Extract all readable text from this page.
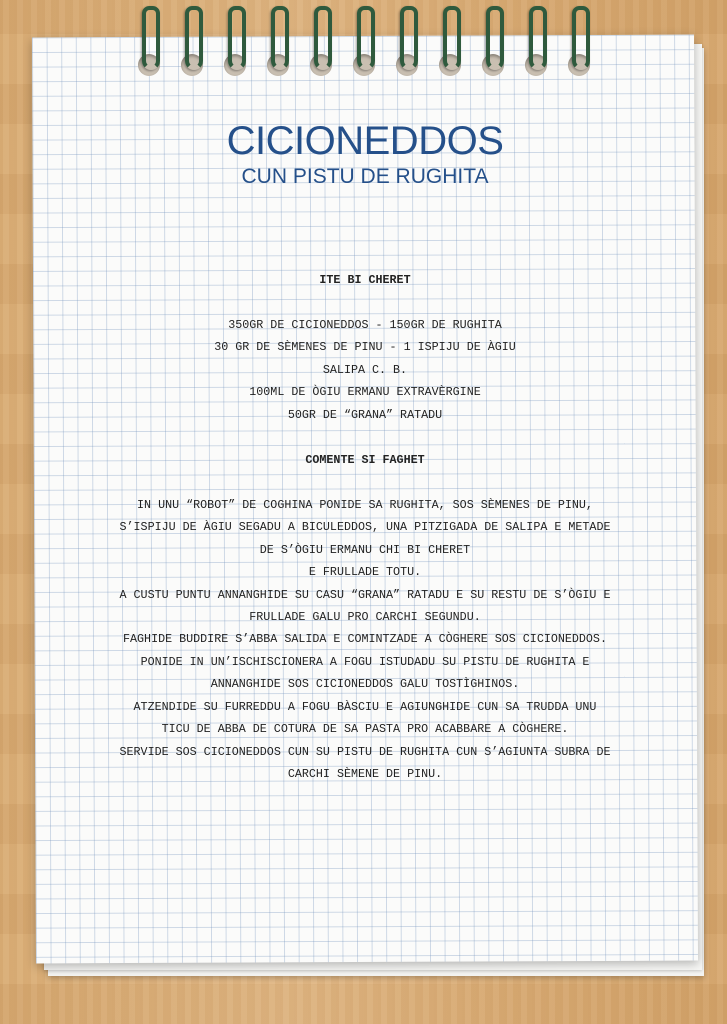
CICIONEDDOS
CUN PISTU DE RUGHITA
ITE BI CHERET
350GR DE CICIONEDDOS - 150GR DE RUGHITA
30 GR DE SÈMENES DE PINU - 1 ISPIJU DE ÀGIU
SALIPA C. B.
100ML DE ÒGIU ERMANU EXTRAVÈRGINE
50GR DE “GRANA” RATADU
COMENTE SI FAGHET
IN UNU “ROBOT” DE COGHINA PONIDE SA RUGHITA, SOS SÈMENES DE PINU,
S’ISPIJU DE ÀGIU SEGADU A BICULEDDOS, UNA PITZIGADA DE SALIPA E METADE
DE S’ÒGIU ERMANU CHI BI CHERET
E FRULLADE TOTU.
A CUSTU PUNTU ANNANGHIDE SU CASU “GRANA” RATADU E SU RESTU DE S’ÒGIU E
FRULLADE GALU PRO CARCHI SEGUNDU.
FAGHIDE BUDDIRE S’ABBA SALIDA E COMINTZADE A CÒGHERE SOS CICIONEDDOS.
PONIDE IN UN’ISCHISCIONERA A FOGU ISTUDADU SU PISTU DE RUGHITA E
ANNANGHIDE SOS CICIONEDDOS GALU TOSTÌGHINOS.
ATZENDIDE SU FURREDDU A FOGU BÀSCIU E AGIUNGHIDE CUN SA TRUDDA UNU
TICU DE ABBA DE COTURA DE SA PASTA PRO ACABBARE A CÒGHERE.
SERVIDE SOS CICIONEDDOS CUN SU PISTU DE RUGHITA CUN S’AGIUNTA SUBRA DE
CARCHI SÈMENE DE PINU.
